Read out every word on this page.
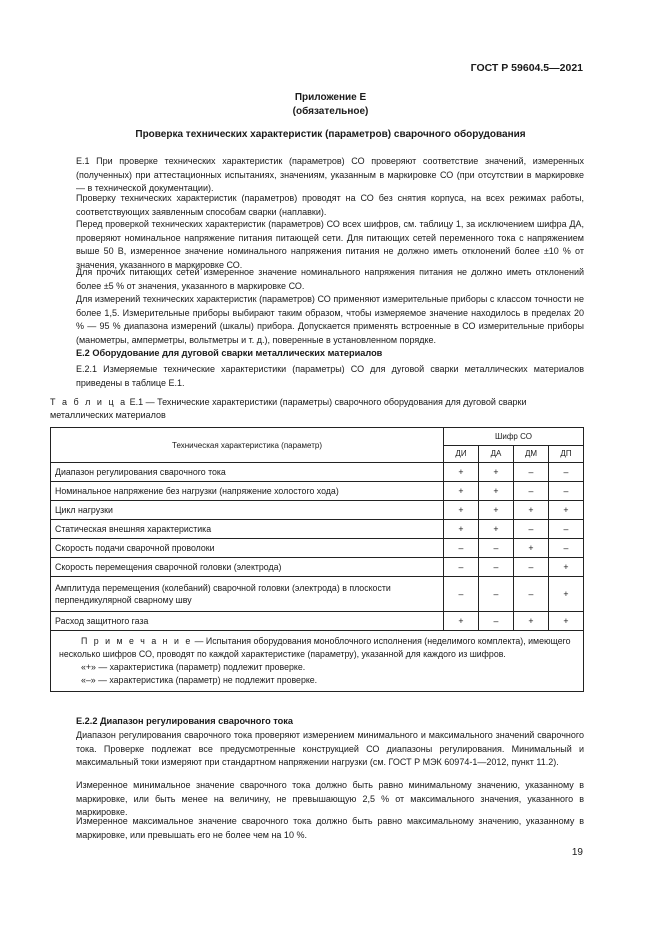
ГОСТ Р 59604.5—2021
Приложение Е
(обязательное)
Проверка технических характеристик (параметров) сварочного оборудования

Е.1 При проверке технических характеристик (параметров) СО проверяют соответствие значений, измеренных (полученных) при аттестационных испытаниях, значениям, указанным в маркировке СО (при отсутствии в маркировке — в технической документации).

Проверку технических характеристик (параметров) проводят на СО без снятия корпуса, на всех режимах работы, соответствующих заявленным способам сварки (наплавки).

Перед проверкой технических характеристик (параметров) СО всех шифров, см. таблицу 1, за исключением шифра ДА, проверяют номинальное напряжение питания питающей сети. Для питающих сетей переменного тока с напряжением выше 50 В, измеренное значение номинального напряжения питания не должно иметь отклонений более ±10 % от значения, указанного в маркировке СО.

Для прочих питающих сетей измеренное значение номинального напряжения питания не должно иметь отклонений более ±5 % от значения, указанного в маркировке СО.

Для измерений технических характеристик (параметров) СО применяют измерительные приборы с классом точности не более 1,5. Измерительные приборы выбирают таким образом, чтобы измеряемое значение находилось в пределах 20 % — 95 % диапазона измерений (шкалы) прибора. Допускается применять встроенные в СО измерительные приборы (манометры, амперметры, вольтметры и т. д.), поверенные в установленном порядке.

Е.2 Оборудование для дуговой сварки металлических материалов

Е.2.1 Измеряемые технические характеристики (параметры) СО для дуговой сварки металлических материалов приведены в таблице Е.1.

Т а б л и ц а Е.1 — Технические характеристики (параметры) сварочного оборудования для дуговой сварки металлических материалов
Техническая характеристика (параметр)	Шифр СО			
	ДИ	ДА	ДМ	ДП
Диапазон регулирования сварочного тока	+	+	–	–
Номинальное напряжение без нагрузки (напряжение холостого хода)	+	+	–	–
Цикл нагрузки	+	+	+	+
Статическая внешняя характеристика	+	+	–	–
Скорость подачи сварочной проволоки	–	–	+	–
Скорость перемещения сварочной головки (электрода)	–	–	–	+
Амплитуда перемещения (колебаний) сварочной головки (электрода) в плоскости перпендикулярной сварному шву	–	–	–	+
Расход защитного газа	+	–	+	+

П р и м е ч а н и е — Испытания оборудования моноблочного исполнения (неделимого комплекта), имеющего несколько шифров СО, проводят по каждой характеристике (параметру), указанной для каждого из шифров.
«+» — характеристика (параметр) подлежит проверке.
«–» — характеристика (параметр) не подлежит проверке.				
Е.2.2 Диапазон регулирования сварочного тока

Диапазон регулирования сварочного тока проверяют измерением минимального и максимального значений сварочного тока. Проверке подлежат все предусмотренные конструкцией СО диапазоны регулирования. Минимальный и максимальный токи измеряют при стандартном напряжении нагрузки (см. ГОСТ Р МЭК 60974-1—2012, пункт 11.2).

Измеренное минимальное значение сварочного тока должно быть равно минимальному значению, указанному в маркировке, или быть менее на величину, не превышающую 2,5 % от максимального значения, указанного в маркировке.

Измеренное максимальное значение сварочного тока должно быть равно максимальному значению, указанному в маркировке, или превышать его не более чем на 10 %.

19
